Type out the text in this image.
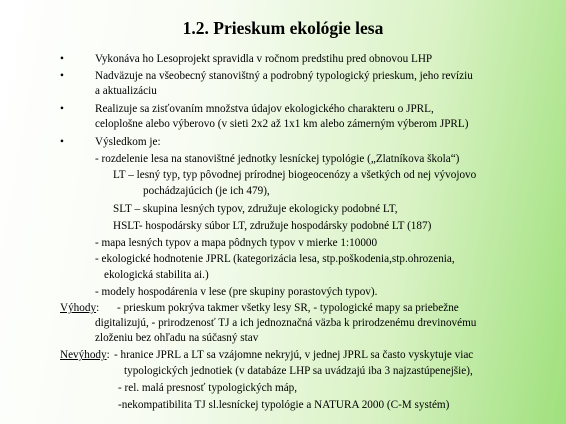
1.2. Prieskum ekológie lesa
•	Vykonáva ho Lesoprojekt spravidla v ročnom predstihu pred obnovou LHP
•	Nadväzuje na všeobecný stanovištný a podrobný typologický prieskum, jeho revíziu
a aktualizáciu
•	Realizuje sa zisťovaním množstva údajov ekologického charakteru o JPRL,
celoplošne alebo výberovo (v sieti 2x2 až 1x1 km alebo zámerným výberom JPRL)
•	Výsledkom je:
- rozdelenie lesa na stanovištné jednotky lesníckej typológie („Zlatníkova škola“)
LT – lesný typ, typ pôvodnej prírodnej biogeocenózy a všetkých od nej vývojovo
pochádzajúcich (je ich 479),
SLT – skupina lesných typov, združuje ekologicky podobné LT,
HSLT- hospodársky súbor LT, združuje hospodársky podobné LT (187)
- mapa lesných typov a mapa pôdnych typov v mierke 1:10000
- ekologické hodnotenie JPRL (kategorizácia lesa, stp.poškodenia,stp.ohrozenia,
ekologická stabilita ai.)
- modely hospodárenia v lese (pre skupiny porastových typov).
Výhody: - prieskum pokrýva takmer všetky lesy SR, - typologické mapy sa priebežne
digitalizujú, - prirodzenosť TJ a ich jednoznačná väzba k prirodzenému drevinovému
zloženiu bez ohľadu na súčasný stav
Nevýhody: - hranice JPRL a LT sa vzájomne nekryjú, v jednej JPRL sa často vyskytuje viac
typologických jednotiek (v databáze LHP sa uvádzajú iba 3 najzastúpenejšie),
- rel. malá presnosť typologických máp,
-nekompatibilita TJ sl.lesníckej typológie a NATURA 2000 (C-M systém)
